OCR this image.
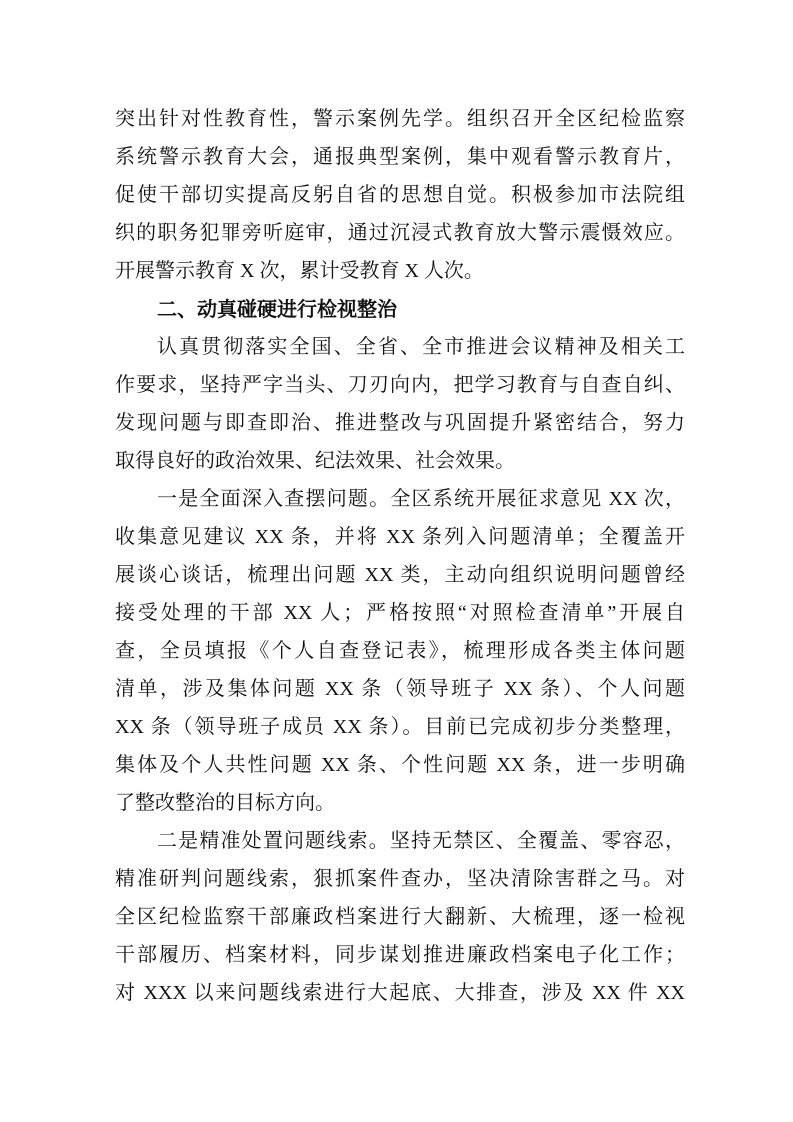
突出针对性教育性，警示案例先学。组织召开全区纪检监察
系统警示教育大会，通报典型案例，集中观看警示教育片，
促使干部切实提高反躬自省的思想自觉。积极参加市法院组
织的职务犯罪旁听庭审，通过沉浸式教育放大警示震慑效应。
开展警示教育 X 次，累计受教育 X 人次。
二、动真碰硬进行检视整治
认真贯彻落实全国、全省、全市推进会议精神及相关工
作要求，坚持严字当头、刀刃向内，把学习教育与自查自纠、
发现问题与即查即治、推进整改与巩固提升紧密结合，努力
取得良好的政治效果、纪法效果、社会效果。
一是全面深入查摆问题。全区系统开展征求意见 XX 次，
收集意见建议 XX 条，并将 XX 条列入问题清单；全覆盖开
展谈心谈话，梳理出问题 XX 类，主动向组织说明问题曾经
接受处理的干部 XX 人；严格按照“对照检查清单”开展自
查，全员填报《个人自查登记表》，梳理形成各类主体问题
清单，涉及集体问题 XX 条（领导班子 XX 条）、个人问题
XX 条（领导班子成员 XX 条）。目前已完成初步分类整理，
集体及个人共性问题 XX 条、个性问题 XX 条，进一步明确
了整改整治的目标方向。
二是精准处置问题线索。坚持无禁区、全覆盖、零容忍，
精准研判问题线索，狠抓案件查办，坚决清除害群之马。对
全区纪检监察干部廉政档案进行大翻新、大梳理，逐一检视
干部履历、档案材料，同步谋划推进廉政档案电子化工作；
对 XXX 以来问题线索进行大起底、大排查，涉及 XX 件 XX
